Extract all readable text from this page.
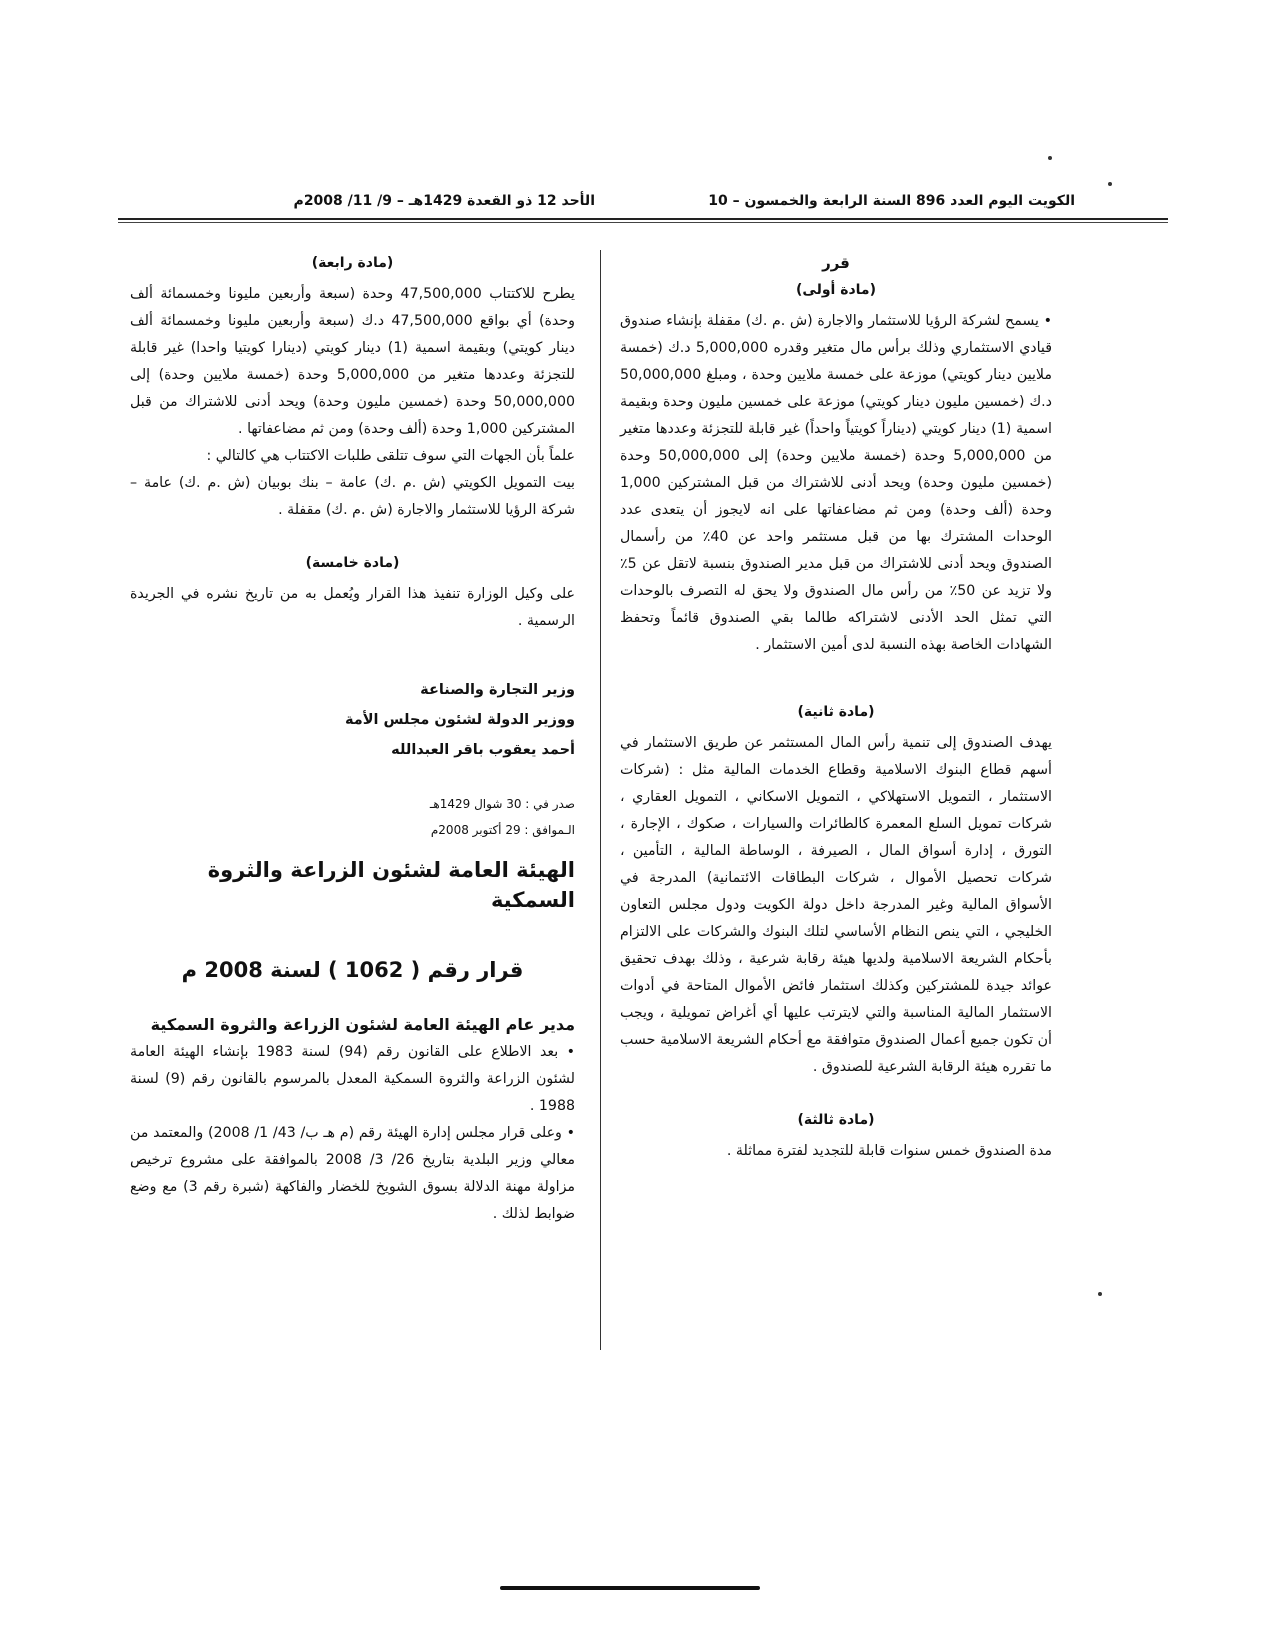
الكويت اليوم العدد 896 السنة الرابعة والخمسون – 10
الأحد 12 ذو القعدة 1429هـ – 9/ 11/ 2008م
قرر
(مادة أولى)
• يسمح لشركة الرؤيا للاستثمار والاجارة (ش .م .ك) مقفلة بإنشاء صندوق قيادي الاستثماري وذلك برأس مال متغير وقدره 5,000,000 د.ك (خمسة ملايين دينار كويتي) موزعة على خمسة ملايين وحدة ، ومبلغ 50,000,000 د.ك (خمسين مليون دينار كويتي) موزعة على خمسين مليون وحدة وبقيمة اسمية (1) دينار كويتي (ديناراً كويتياً واحداً) غير قابلة للتجزئة وعددها متغير من 5,000,000 وحدة (خمسة ملايين وحدة) إلى 50,000,000 وحدة (خمسين مليون وحدة) ويحد أدنى للاشتراك من قبل المشتركين 1,000 وحدة (ألف وحدة) ومن ثم مضاعفاتها على انه لايجوز أن يتعدى عدد الوحدات المشترك بها من قبل مستثمر واحد عن 40٪ من رأسمال الصندوق ويحد أدنى للاشتراك من قبل مدير الصندوق بنسبة لاتقل عن 5٪ ولا تزيد عن 50٪ من رأس مال الصندوق ولا يحق له التصرف بالوحدات التي تمثل الحد الأدنى لاشتراكه طالما بقي الصندوق قائماً وتحفظ الشهادات الخاصة بهذه النسبة لدى أمين الاستثمار .
(مادة ثانية)
يهدف الصندوق إلى تنمية رأس المال المستثمر عن طريق الاستثمار في أسهم قطاع البنوك الاسلامية وقطاع الخدمات المالية مثل : (شركات الاستثمار ، التمويل الاستهلاكي ، التمويل الاسكاني ، التمويل العقاري ، شركات تمويل السلع المعمرة كالطائرات والسيارات ، صكوك ، الإجارة ، التورق ، إدارة أسواق المال ، الصيرفة ، الوساطة المالية ، التأمين ، شركات تحصيل الأموال ، شركات البطاقات الائتمانية) المدرجة في الأسواق المالية وغير المدرجة داخل دولة الكويت ودول مجلس التعاون الخليجي ، التي ينص النظام الأساسي لتلك البنوك والشركات على الالتزام بأحكام الشريعة الاسلامية ولديها هيئة رقابة شرعية ، وذلك بهدف تحقيق عوائد جيدة للمشتركين وكذلك استثمار فائض الأموال المتاحة في أدوات الاستثمار المالية المناسبة والتي لايترتب عليها أي أغراض تمويلية ، ويجب أن تكون جميع أعمال الصندوق متوافقة مع أحكام الشريعة الاسلامية حسب ما تقرره هيئة الرقابة الشرعية للصندوق .
(مادة ثالثة)
مدة الصندوق خمس سنوات قابلة للتجديد لفترة مماثلة .
(مادة رابعة)
يطرح للاكتتاب 47,500,000 وحدة (سبعة وأربعين مليونا وخمسمائة ألف وحدة) أي بواقع 47,500,000 د.ك (سبعة وأربعين مليونا وخمسمائة ألف دينار كويتي) وبقيمة اسمية (1) دينار كويتي (دينارا كويتيا واحدا) غير قابلة للتجزئة وعددها متغير من 5,000,000 وحدة (خمسة ملايين وحدة) إلى 50,000,000 وحدة (خمسين مليون وحدة) ويحد أدنى للاشتراك من قبل المشتركين 1,000 وحدة (ألف وحدة) ومن ثم مضاعفاتها .
علماً بأن الجهات التي سوف تتلقى طلبات الاكتتاب هي كالتالي :
بيت التمويل الكويتي (ش .م .ك) عامة – بنك بوبيان (ش .م .ك) عامة – شركة الرؤيا للاستثمار والاجارة (ش .م .ك) مقفلة .
(مادة خامسة)
على وكيل الوزارة تنفيذ هذا القرار ويُعمل به من تاريخ نشره في الجريدة الرسمية .
وزير التجارة والصناعة
ووزير الدولة لشئون مجلس الأمة
أحمد يعقوب باقر العبدالله
صدر في : 30 شوال 1429هـ
الـموافق : 29 أكتوبر 2008م
الهيئة العامة لشئون الزراعة والثروة السمكية
قرار رقم ( 1062 ) لسنة 2008 م
مدير عام الهيئة العامة لشئون الزراعة والثروة السمكية
• بعد الاطلاع على القانون رقم (94) لسنة 1983 بإنشاء الهيئة العامة لشئون الزراعة والثروة السمكية المعدل بالمرسوم بالقانون رقم (9) لسنة 1988 .
• وعلى قرار مجلس إدارة الهيئة رقم (م هـ ب/ 43/ 1/ 2008) والمعتمد من معالي وزير البلدية بتاريخ 26/ 3/ 2008 بالموافقة على مشروع ترخيص مزاولة مهنة الدلالة بسوق الشويخ للخضار والفاكهة (شبرة رقم 3) مع وضع ضوابط لذلك .
